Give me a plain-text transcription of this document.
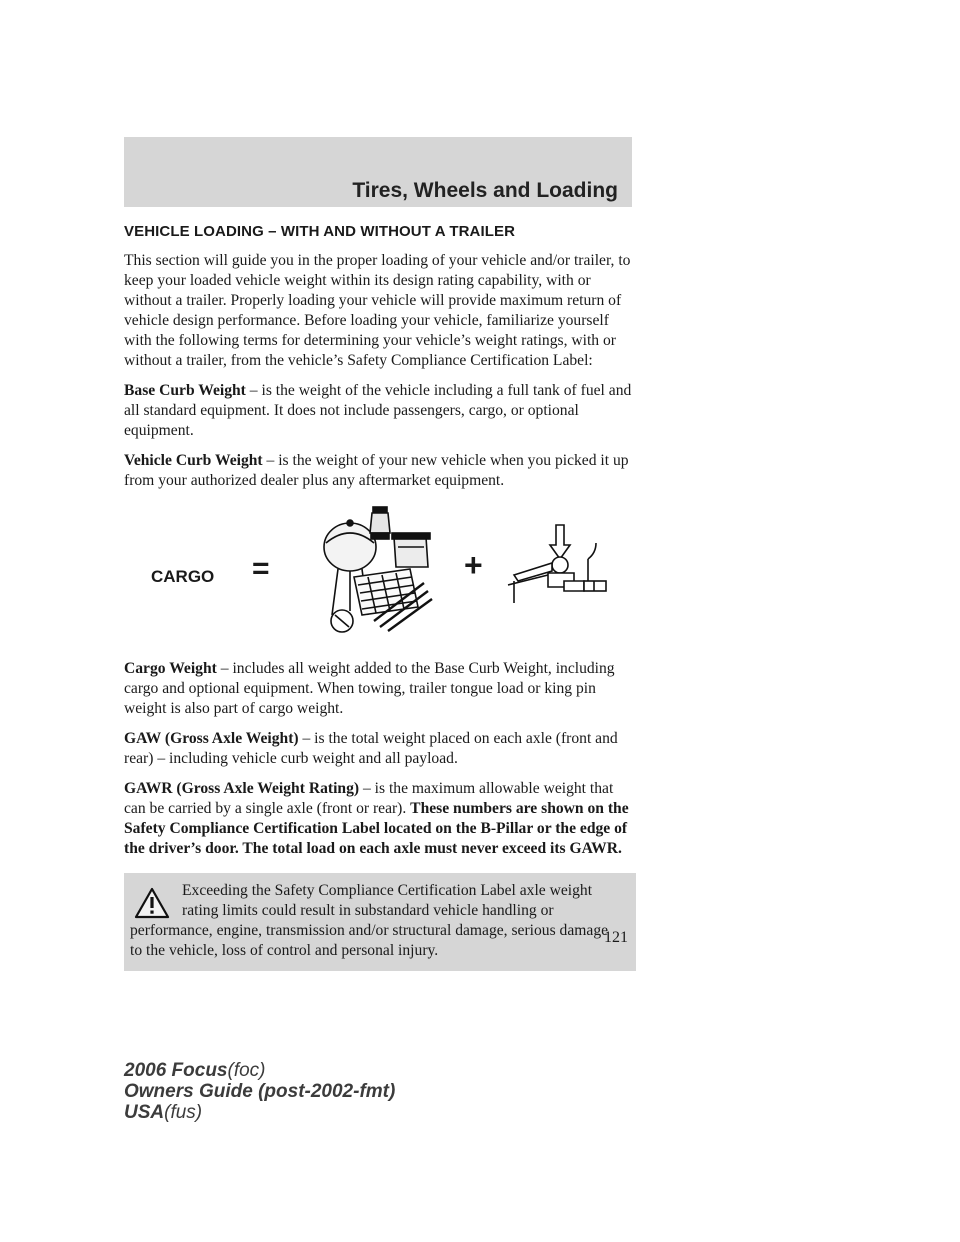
Tires, Wheels and Loading
VEHICLE LOADING – WITH AND WITHOUT A TRAILER

This section will guide you in the proper loading of your vehicle and/or trailer, to keep your loaded vehicle weight within its design rating capability, with or without a trailer. Properly loading your vehicle will provide maximum return of vehicle design performance. Before loading your vehicle, familiarize yourself with the following terms for determining your vehicle’s weight ratings, with or without a trailer, from the vehicle’s Safety Compliance Certification Label:

Base Curb Weight – is the weight of the vehicle including a full tank of fuel and all standard equipment. It does not include passengers, cargo, or optional equipment.

Vehicle Curb Weight – is the weight of your new vehicle when you picked it up from your authorized dealer plus any aftermarket equipment.

CARGO =	+

Cargo Weight – includes all weight added to the Base Curb Weight, including cargo and optional equipment. When towing, trailer tongue load or king pin weight is also part of cargo weight.

GAW (Gross Axle Weight) – is the total weight placed on each axle (front and rear) – including vehicle curb weight and all payload.

GAWR (Gross Axle Weight Rating) – is the maximum allowable weight that can be carried by a single axle (front or rear). These numbers are shown on the Safety Compliance Certification Label located on the B-Pillar or the edge of the driver’s door. The total load on each axle must never exceed its GAWR.

Exceeding the Safety Compliance Certification Label axle weight rating limits could result in substandard vehicle handling or performance, engine, transmission and/or structural damage, serious damage to the vehicle, loss of control and personal injury.

121
2006 Focus(foc)
Owners Guide (post-2002-fmt)
USA(fus)
